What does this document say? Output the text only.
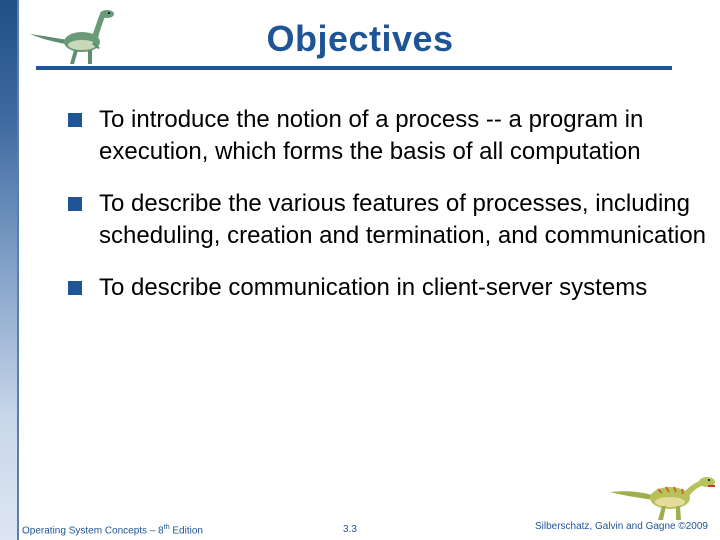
Objectives
To introduce the notion of a process -- a program in execution, which forms the basis of all computation
To describe the various features of processes, including scheduling, creation and termination, and communication
To describe communication in client-server systems
Operating System Concepts – 8th Edition	3.3	Silberschatz, Galvin and Gagne ©2009
